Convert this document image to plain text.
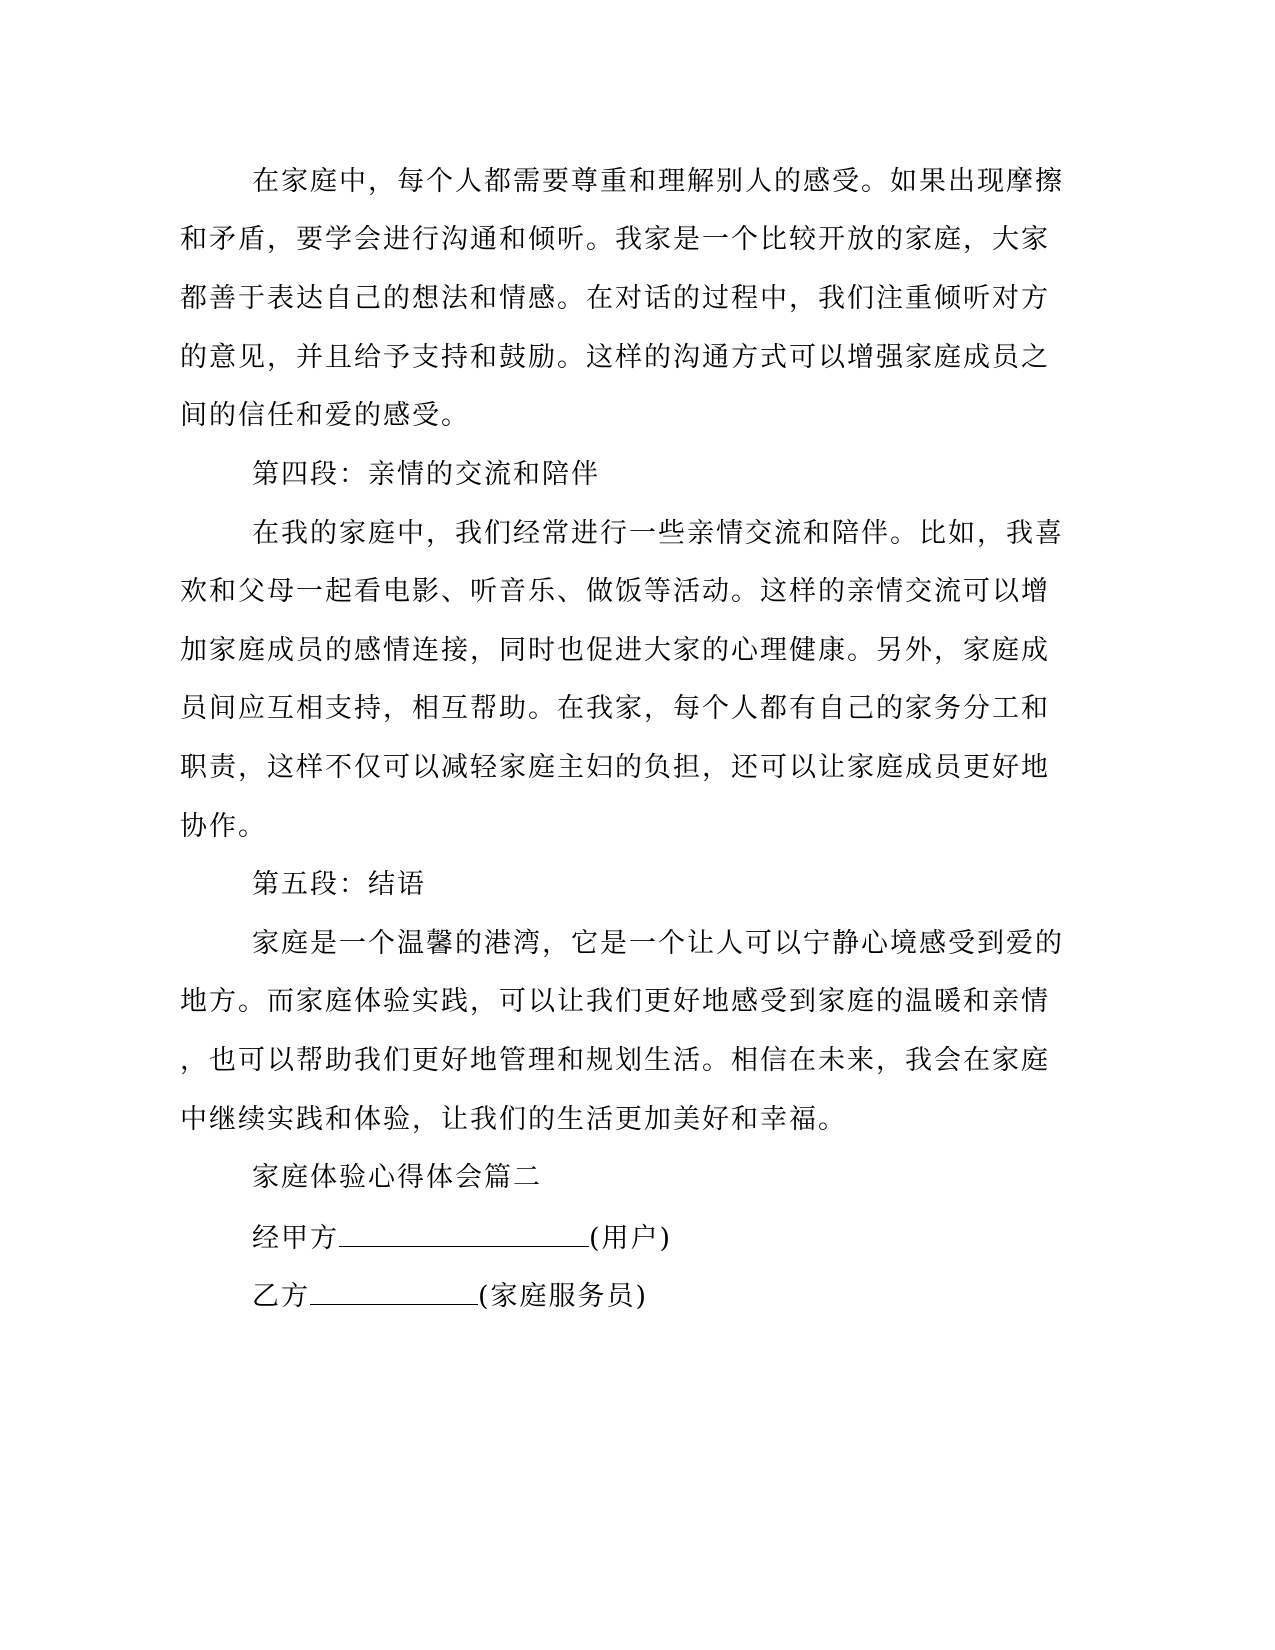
在家庭中，每个人都需要尊重和理解别人的感受。如果出现摩擦

和矛盾，要学会进行沟通和倾听。我家是一个比较开放的家庭，大家

都善于表达自己的想法和情感。在对话的过程中，我们注重倾听对方

的意见，并且给予支持和鼓励。这样的沟通方式可以增强家庭成员之

间的信任和爱的感受。

第四段：亲情的交流和陪伴

在我的家庭中，我们经常进行一些亲情交流和陪伴。比如，我喜

欢和父母一起看电影、听音乐、做饭等活动。这样的亲情交流可以增

加家庭成员的感情连接，同时也促进大家的心理健康。另外，家庭成

员间应互相支持，相互帮助。在我家，每个人都有自己的家务分工和

职责，这样不仅可以减轻家庭主妇的负担，还可以让家庭成员更好地

协作。

第五段：结语

家庭是一个温馨的港湾，它是一个让人可以宁静心境感受到爱的

地方。而家庭体验实践，可以让我们更好地感受到家庭的温暖和亲情

，也可以帮助我们更好地管理和规划生活。相信在未来，我会在家庭

中继续实践和体验，让我们的生活更加美好和幸福。

家庭体验心得体会篇二

经甲方	(用户)

乙方	(家庭服务员)
